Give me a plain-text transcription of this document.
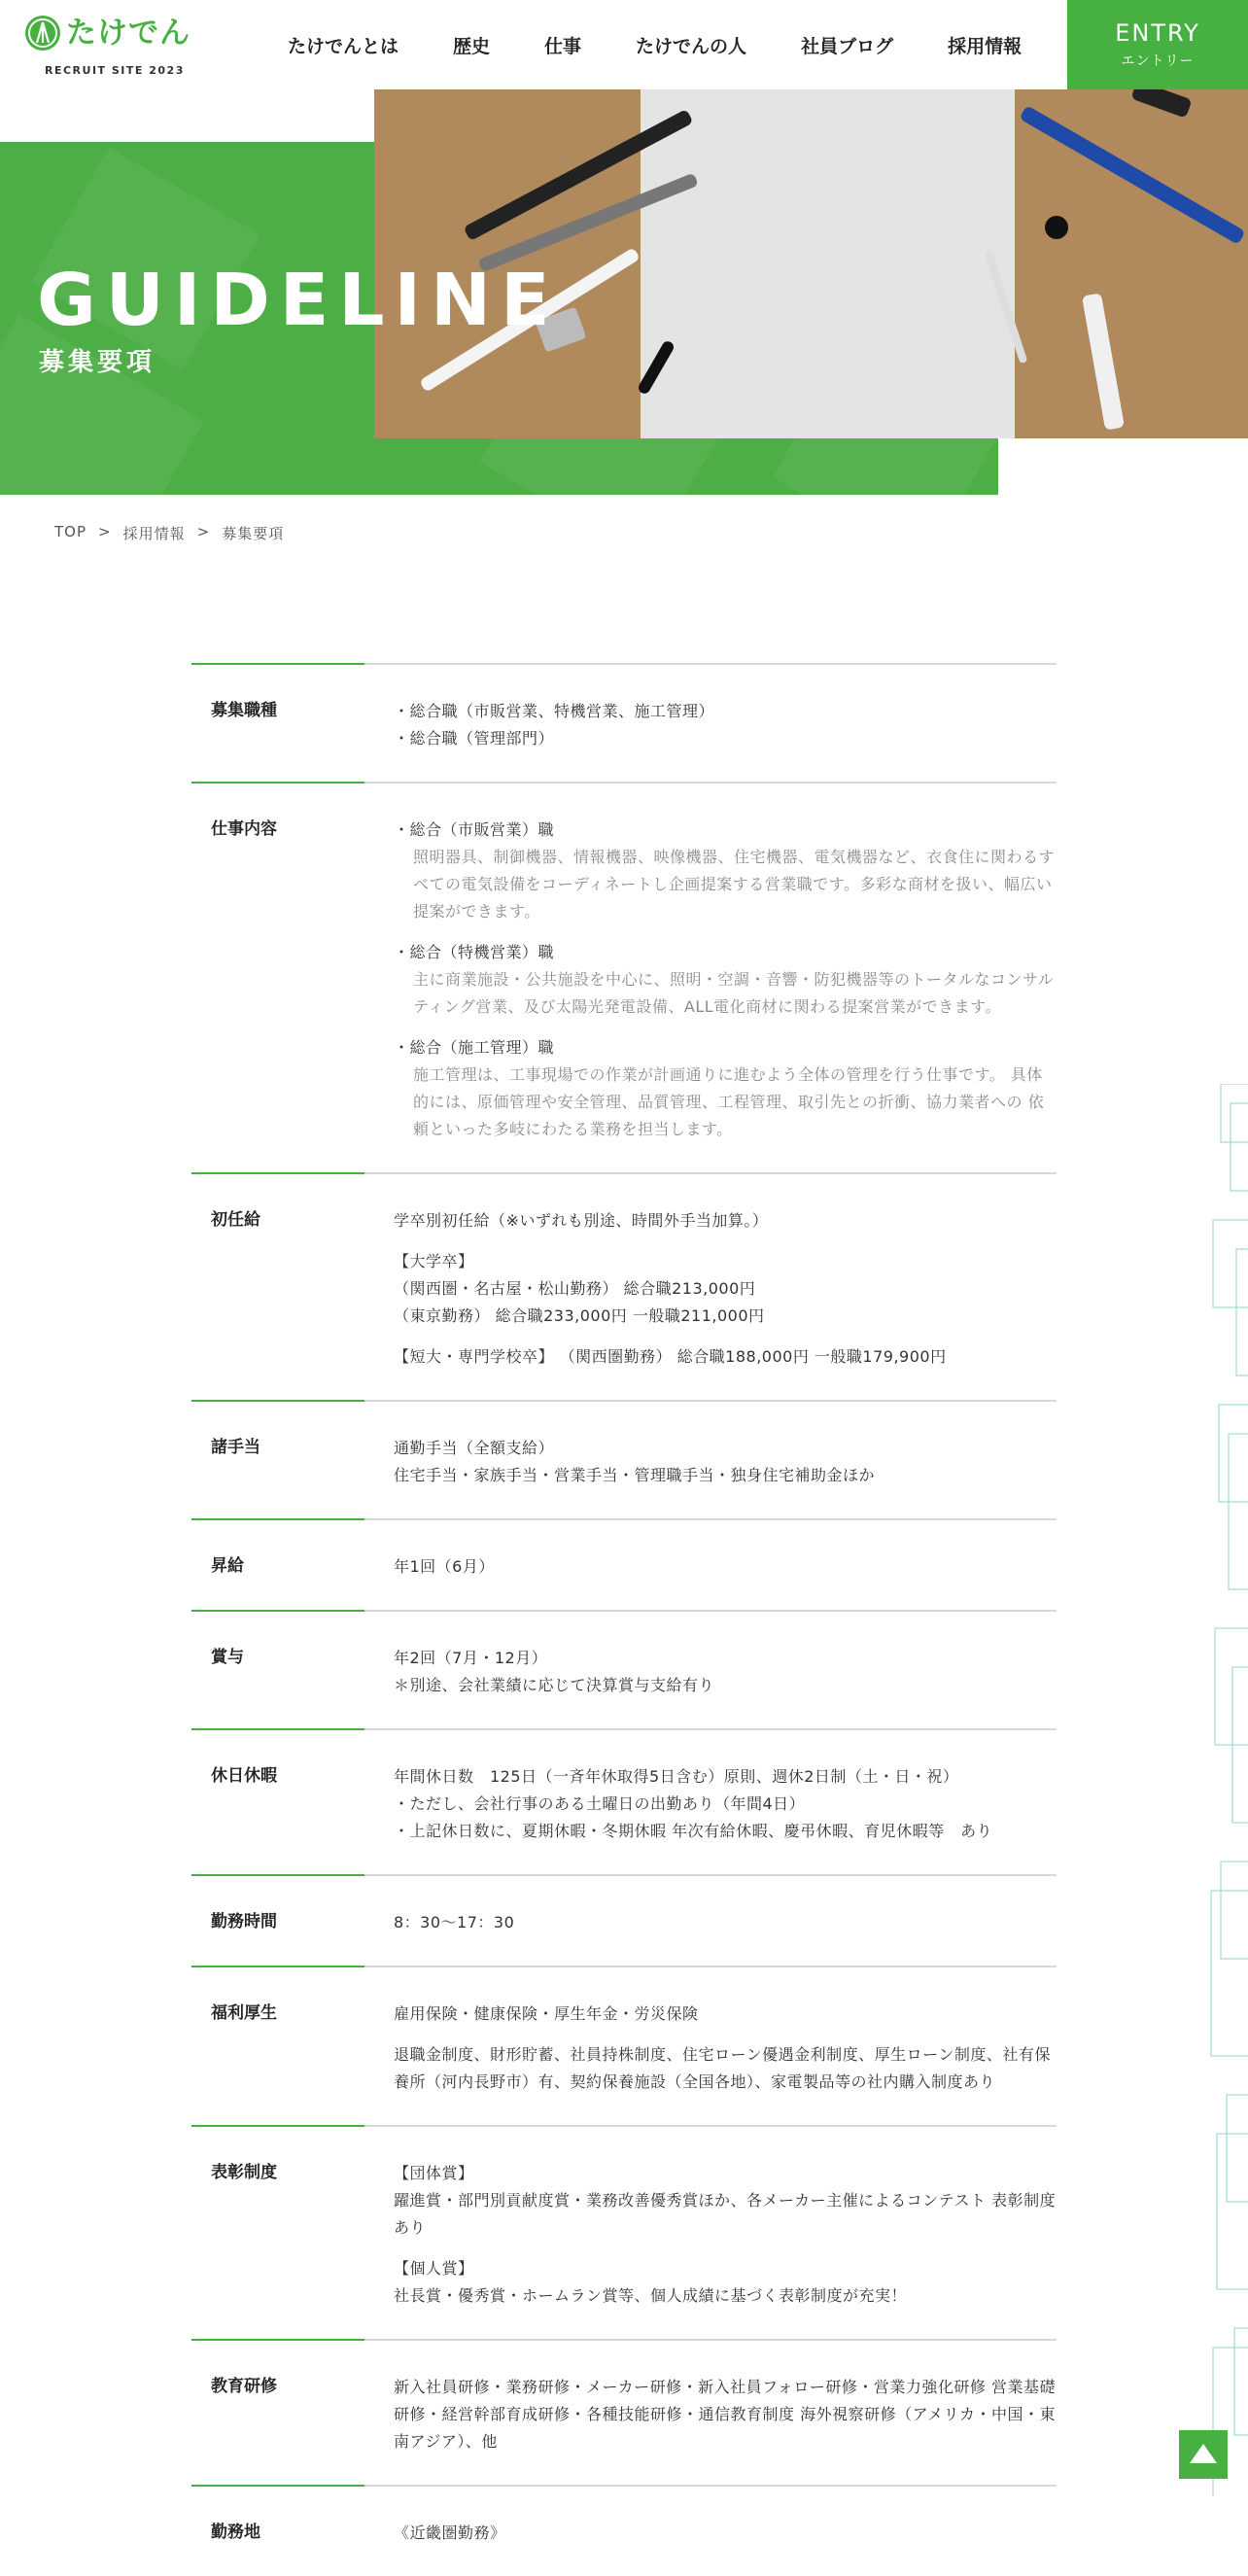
たけでん
RECRUIT SITE 2023
たけでんとは	歴史	仕事	たけでんの人	社員ブログ	採用情報	ENTRY
エントリー
GUIDELINE
募集要項
TOP > 採用情報 > 募集要項
募集職種	・総合職（市販営業、特機営業、施工管理）

・総合職（管理部門）

仕事内容	・総合（市販営業）職

照明器具、制御機器、情報機器、映像機器、住宅機器、電気機器など、衣食住に関わるすべての電気設備をコーディネートし企画提案する営業職です。多彩な商材を扱い、幅広い提案ができます。

・総合（特機営業）職

主に商業施設・公共施設を中心に、照明・空調・音響・防犯機器等のトータルなコンサルティング営業、及び太陽光発電設備、ALL電化商材に関わる提案営業ができます。

・総合（施工管理）職

施工管理は、工事現場での作業が計画通りに進むよう全体の管理を行う仕事です。 具体的には、原価管理や安全管理、品質管理、工程管理、取引先との折衝、協力業者への 依頼といった多岐にわたる業務を担当します。

初任給	学卒別初任給（※いずれも別途、時間外手当加算。）

【大学卒】

（関西圏・名古屋・松山勤務） 総合職213,000円

（東京勤務） 総合職233,000円 一般職211,000円

【短大・専門学校卒】 （関西圏勤務） 総合職188,000円 一般職179,900円

諸手当	通勤手当（全額支給）

住宅手当・家族手当・営業手当・管理職手当・独身住宅補助金ほか

昇給	年1回（6月）

賞与	年2回（7月・12月）

＊別途、会社業績に応じて決算賞与支給有り

休日休暇	年間休日数　125日（一斉年休取得5日含む）原則、週休2日制（土・日・祝）

・ただし、会社行事のある土曜日の出勤あり（年間4日）

・上記休日数に、夏期休暇・冬期休暇 年次有給休暇、慶弔休暇、育児休暇等　あり

勤務時間	8：30～17：30

福利厚生	雇用保険・健康保険・厚生年金・労災保険

退職金制度、財形貯蓄、社員持株制度、住宅ローン優遇金利制度、厚生ローン制度、社有保養所（河内長野市）有、契約保養施設（全国各地）、家電製品等の社内購入制度あり

表彰制度	【団体賞】

躍進賞・部門別貢献度賞・業務改善優秀賞ほか、各メーカー主催によるコンテスト 表彰制度あり

【個人賞】

社長賞・優秀賞・ホームラン賞等、個人成績に基づく表彰制度が充実！

教育研修	新入社員研修・業務研修・メーカー研修・新入社員フォロー研修・営業力強化研修 営業基礎研修・経営幹部育成研修・各種技能研修・通信教育制度 海外視察研修（アメリカ・中国・東南アジア）、他

勤務地	《近畿圏勤務》
